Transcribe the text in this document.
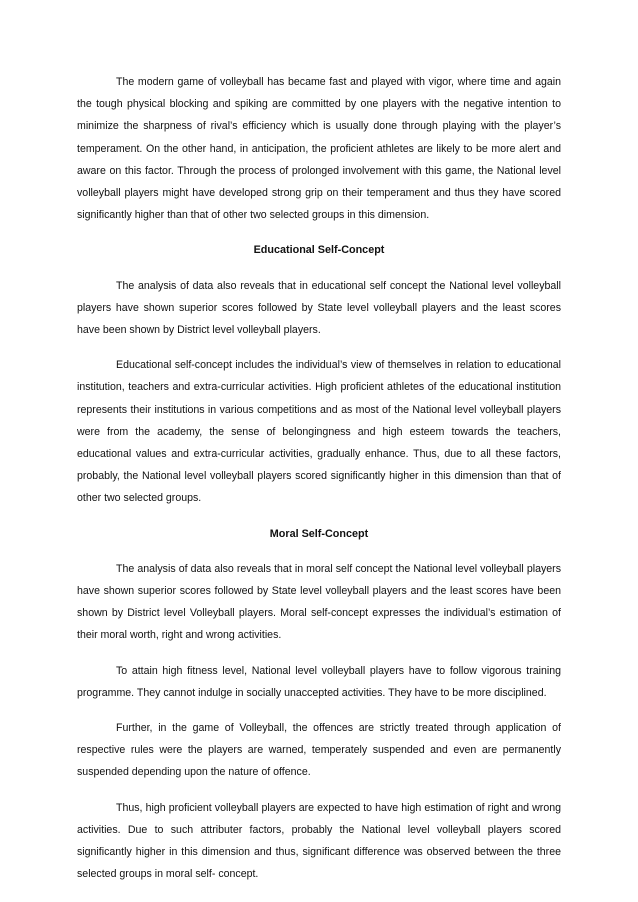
The modern game of volleyball has became fast and played with vigor, where time and again the tough physical blocking and spiking are committed by one players with the negative intention to minimize the sharpness of rival’s efficiency which is usually done through playing with the player’s temperament. On the other hand, in anticipation, the proficient athletes are likely to be more alert and aware on this factor. Through the process of prolonged involvement with this game, the National level volleyball players might have developed strong grip on their temperament and thus they have scored significantly higher than that of other two selected groups in this dimension.

Educational Self-Concept

The analysis of data also reveals that in educational self concept the National level volleyball players have shown superior scores followed by State level volleyball players and the least scores have been shown by District level volleyball players.

Educational self-concept includes the individual’s view of themselves in relation to educational institution, teachers and extra-curricular activities. High proficient athletes of the educational institution represents their institutions in various competitions and as most of the National level volleyball players were from the academy, the sense of belongingness and high esteem towards the teachers, educational values and extra-curricular activities, gradually enhance. Thus, due to all these factors, probably, the National level volleyball players scored significantly higher in this dimension than that of other two selected groups.

Moral Self-Concept

The analysis of data also reveals that in moral self concept the National level volleyball players have shown superior scores followed by State level volleyball players and the least scores have been shown by District level Volleyball players. Moral self-concept expresses the individual’s estimation of their moral worth, right and wrong activities.

To attain high fitness level, National level volleyball players have to follow vigorous training programme. They cannot indulge in socially unaccepted activities. They have to be more disciplined.

Further, in the game of Volleyball, the offences are strictly treated through application of respective rules were the players are warned, temperately suspended and even are permanently suspended depending upon the nature of offence.

Thus, high proficient volleyball players are expected to have high estimation of right and wrong activities. Due to such attributer factors, probably the National level volleyball players scored significantly higher in this dimension and thus, significant difference was observed between the three selected groups in moral self- concept.
